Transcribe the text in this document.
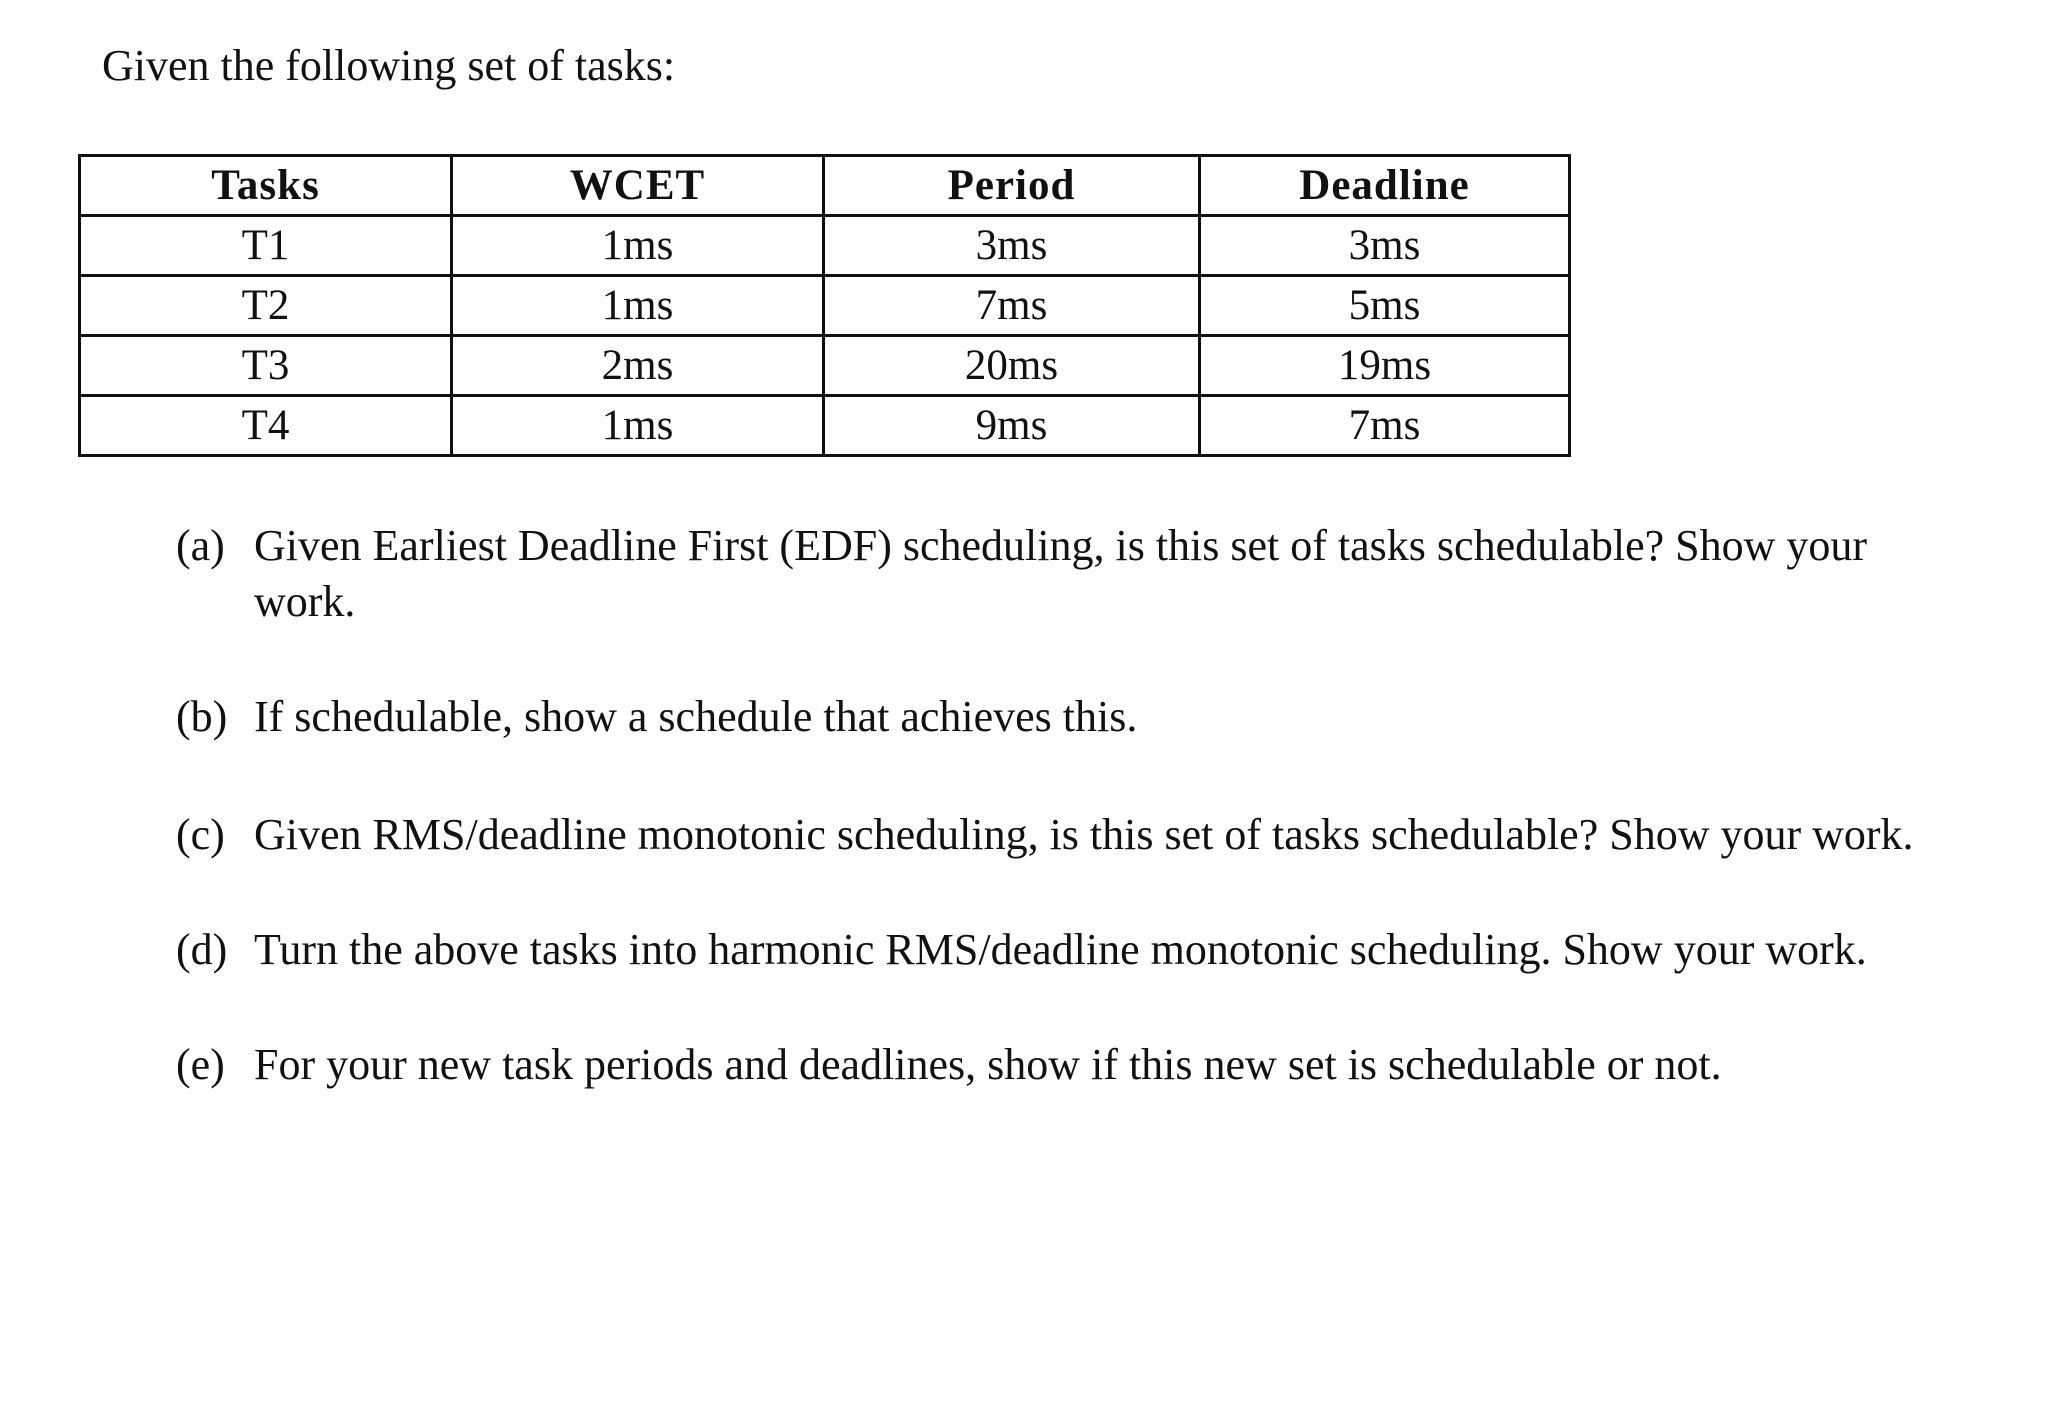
Given the following set of tasks:
Tasks	WCET	Period	Deadline
T1	1ms	3ms	3ms
T2	1ms	7ms	5ms
T3	2ms	20ms	19ms
T4	1ms	9ms	7ms
(a) Given Earliest Deadline First (EDF) scheduling, is this set of tasks schedulable? Show your work.
(b) If schedulable, show a schedule that achieves this.
(c) Given RMS/deadline monotonic scheduling, is this set of tasks schedulable? Show your work.
(d) Turn the above tasks into harmonic RMS/deadline monotonic scheduling. Show your work.
(e) For your new task periods and deadlines, show if this new set is schedulable or not.
